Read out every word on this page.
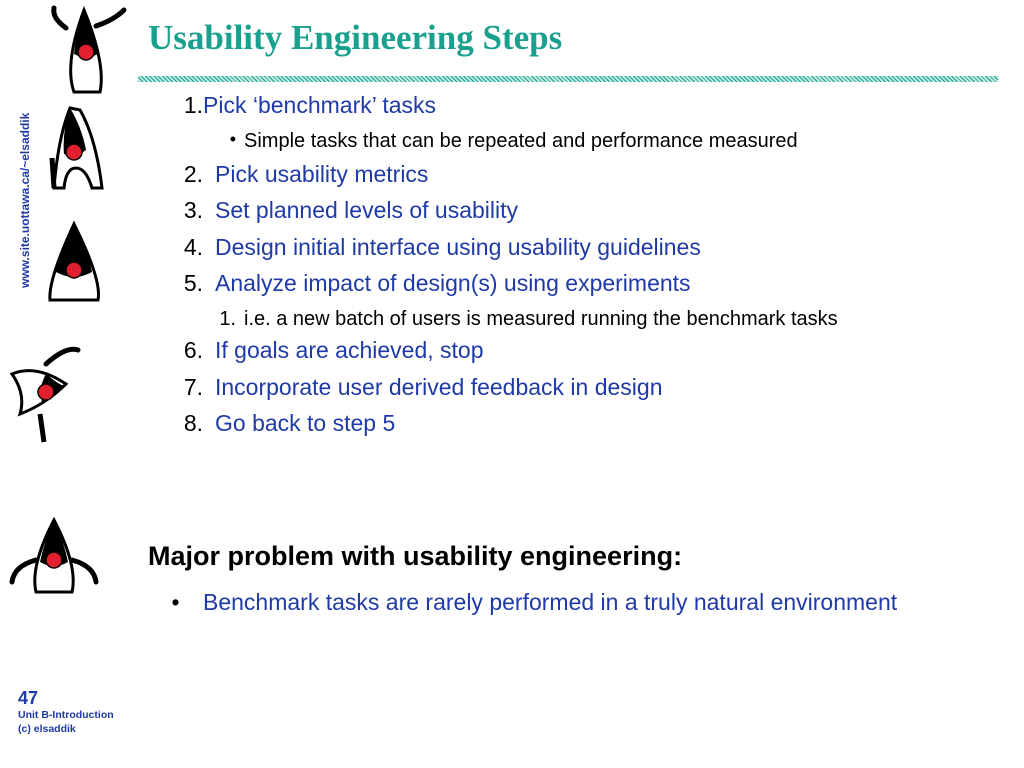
Usability Engineering Steps
www.site.uottawa.ca/~elsaddik
1. Pick ‘benchmark’ tasks
• Simple tasks that can be repeated and performance measured
2. Pick usability metrics
3. Set planned levels of usability
4. Design initial interface using usability guidelines
5. Analyze impact of design(s) using experiments
1. i.e. a new batch of users is measured running the benchmark tasks
6. If goals are achieved, stop
7. Incorporate user derived feedback in design
8. Go back to step 5
Major problem with usability engineering:
•	Benchmark tasks are rarely performed in a truly natural environment
47
Unit B-Introduction
(c) elsaddik
